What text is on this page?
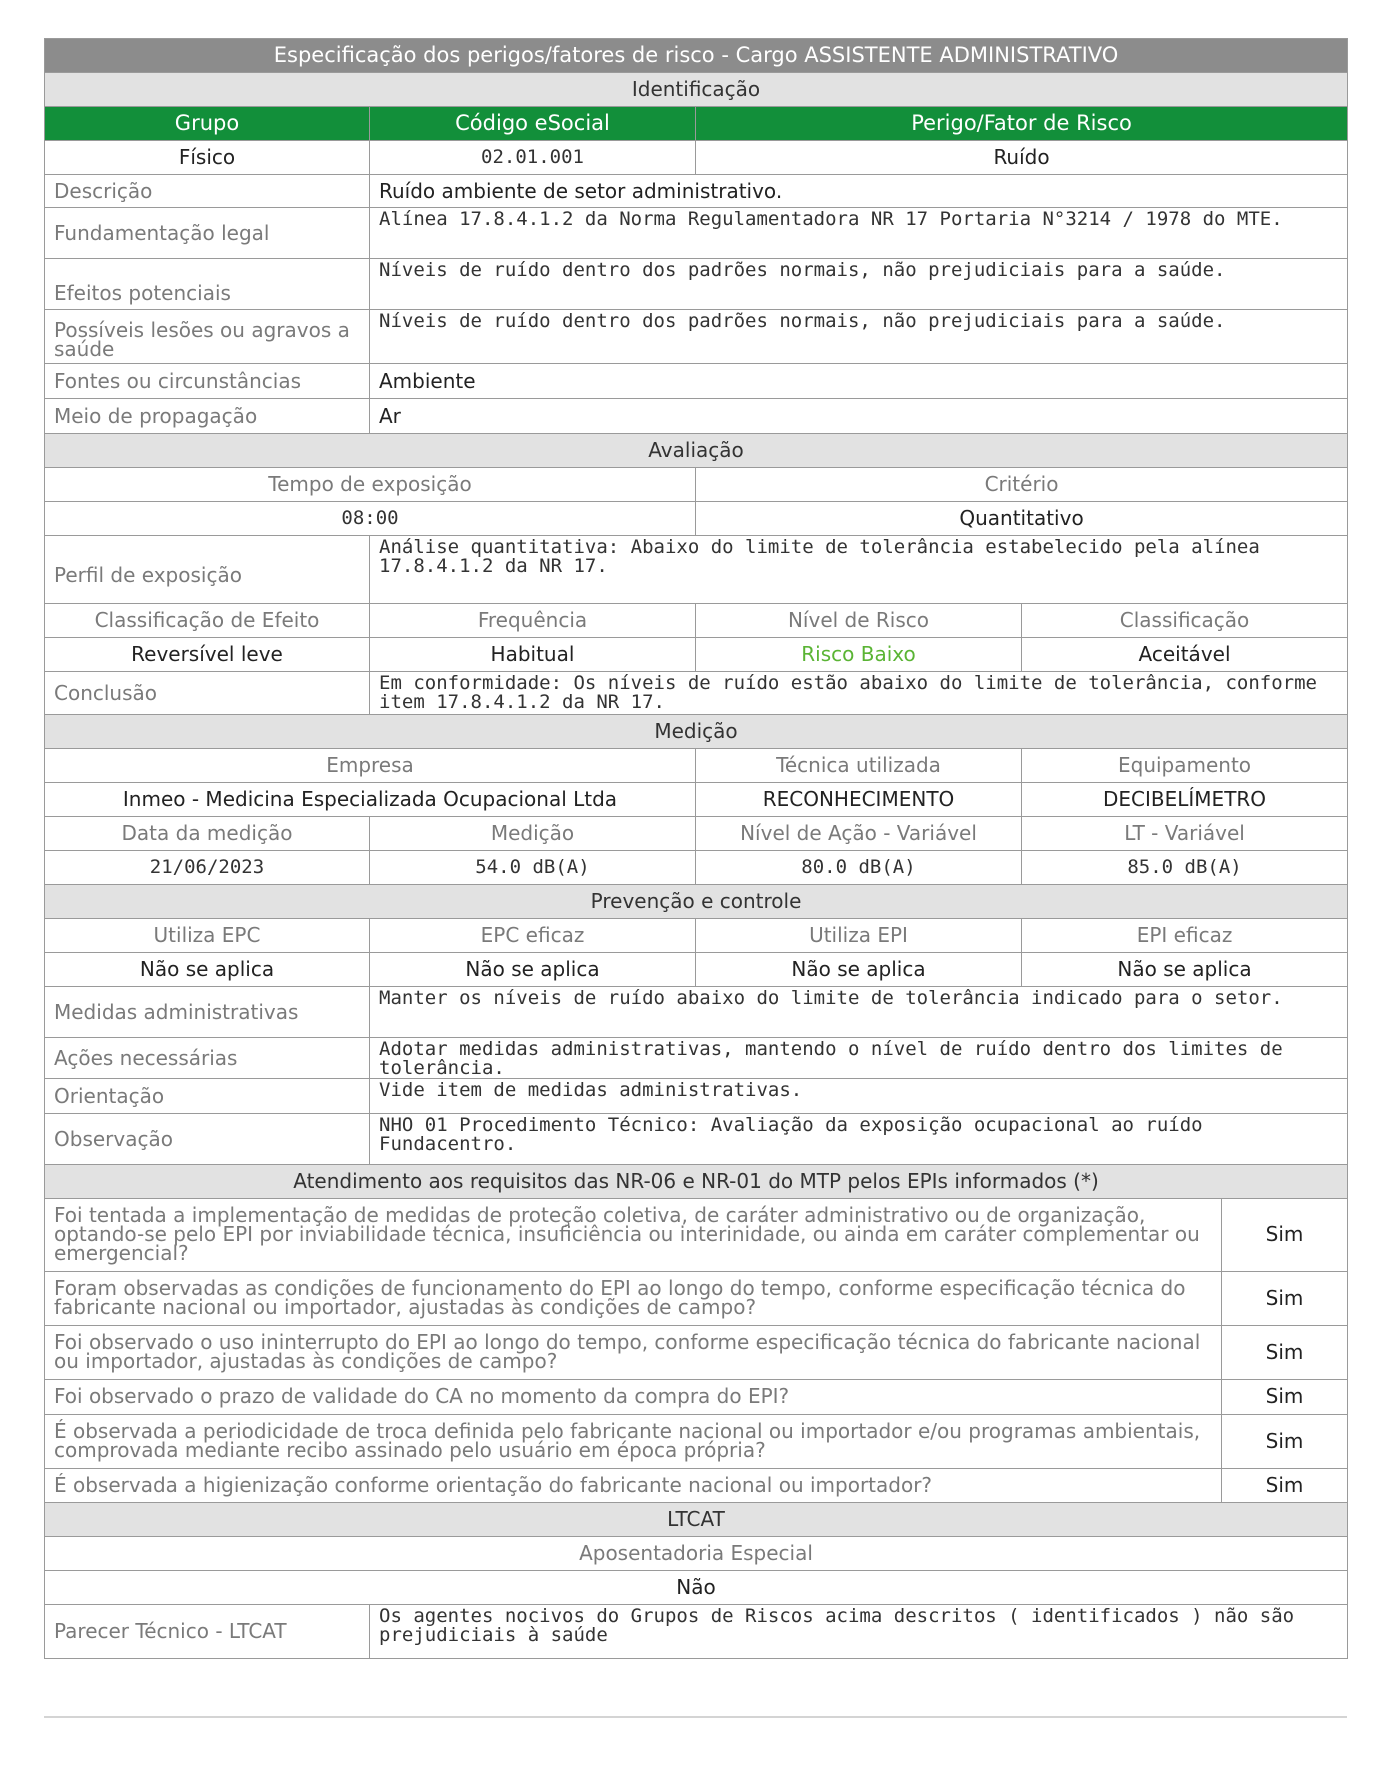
Especificação dos perigos/fatores de risco - Cargo ASSISTENTE ADMINISTRATIVO			
Identificação			
Grupo	Código eSocial	Perigo/Fator de Risco	
Físico	02.01.001	Ruído	
Descrição	Ruído ambiente de setor administrativo.		
Fundamentação legal	Alínea 17.8.4.1.2 da Norma Regulamentadora NR 17 Portaria N°3214 / 1978 do MTE.		
Efeitos potenciais	Níveis de ruído dentro dos padrões normais, não prejudiciais para a saúde.		
Possíveis lesões ou agravos a saúde	Níveis de ruído dentro dos padrões normais, não prejudiciais para a saúde.		
Fontes ou circunstâncias	Ambiente		
Meio de propagação	Ar		
Avaliação			
Tempo de exposição		Critério	
08:00		Quantitativo	
Perfil de exposição	Análise quantitativa: Abaixo do limite de tolerância estabelecido pela alínea 17.8.4.1.2 da NR 17.		
Classificação de Efeito	Frequência	Nível de Risco	Classificação
Reversível leve	Habitual	Risco Baixo	Aceitável
Conclusão	Em conformidade: Os níveis de ruído estão abaixo do limite de tolerância, conforme item 17.8.4.1.2 da NR 17.		
Medição			
Empresa		Técnica utilizada	Equipamento
Inmeo - Medicina Especializada Ocupacional Ltda		RECONHECIMENTO	DECIBELÍMETRO
Data da medição	Medição	Nível de Ação - Variável	LT - Variável
21/06/2023	54.0 dB(A)	80.0 dB(A)	85.0 dB(A)
Prevenção e controle			
Utiliza EPC	EPC eficaz	Utiliza EPI	EPI eficaz
Não se aplica	Não se aplica	Não se aplica	Não se aplica
Medidas administrativas	Manter os níveis de ruído abaixo do limite de tolerância indicado para o setor.		
Ações necessárias	Adotar medidas administrativas, mantendo o nível de ruído dentro dos limites de tolerância.		
Orientação	Vide item de medidas administrativas.		
Observação	NHO 01 Procedimento Técnico: Avaliação da exposição ocupacional ao ruído Fundacentro.		
Atendimento aos requisitos das NR-06 e NR-01 do MTP pelos EPIs informados (*)	
Foi tentada a implementação de medidas de proteção coletiva, de caráter administrativo ou de organização, optando-se pelo EPI por inviabilidade técnica, insuficiência ou interinidade, ou ainda em caráter complementar ou emergencial?	Sim
Foram observadas as condições de funcionamento do EPI ao longo do tempo, conforme especificação técnica do fabricante nacional ou importador, ajustadas às condições de campo?	Sim
Foi observado o uso ininterrupto do EPI ao longo do tempo, conforme especificação técnica do fabricante nacional ou importador, ajustadas às condições de campo?	Sim
Foi observado o prazo de validade do CA no momento da compra do EPI?	Sim
É observada a periodicidade de troca definida pelo fabricante nacional ou importador e/ou programas ambientais, comprovada mediante recibo assinado pelo usuário em época própria?	Sim
É observada a higienização conforme orientação do fabricante nacional ou importador?	Sim
LTCAT
Aposentadoria Especial
Não
Parecer Técnico - LTCAT	Os agentes nocivos do Grupos de Riscos acima descritos ( identificados ) não são prejudiciais à saúde
